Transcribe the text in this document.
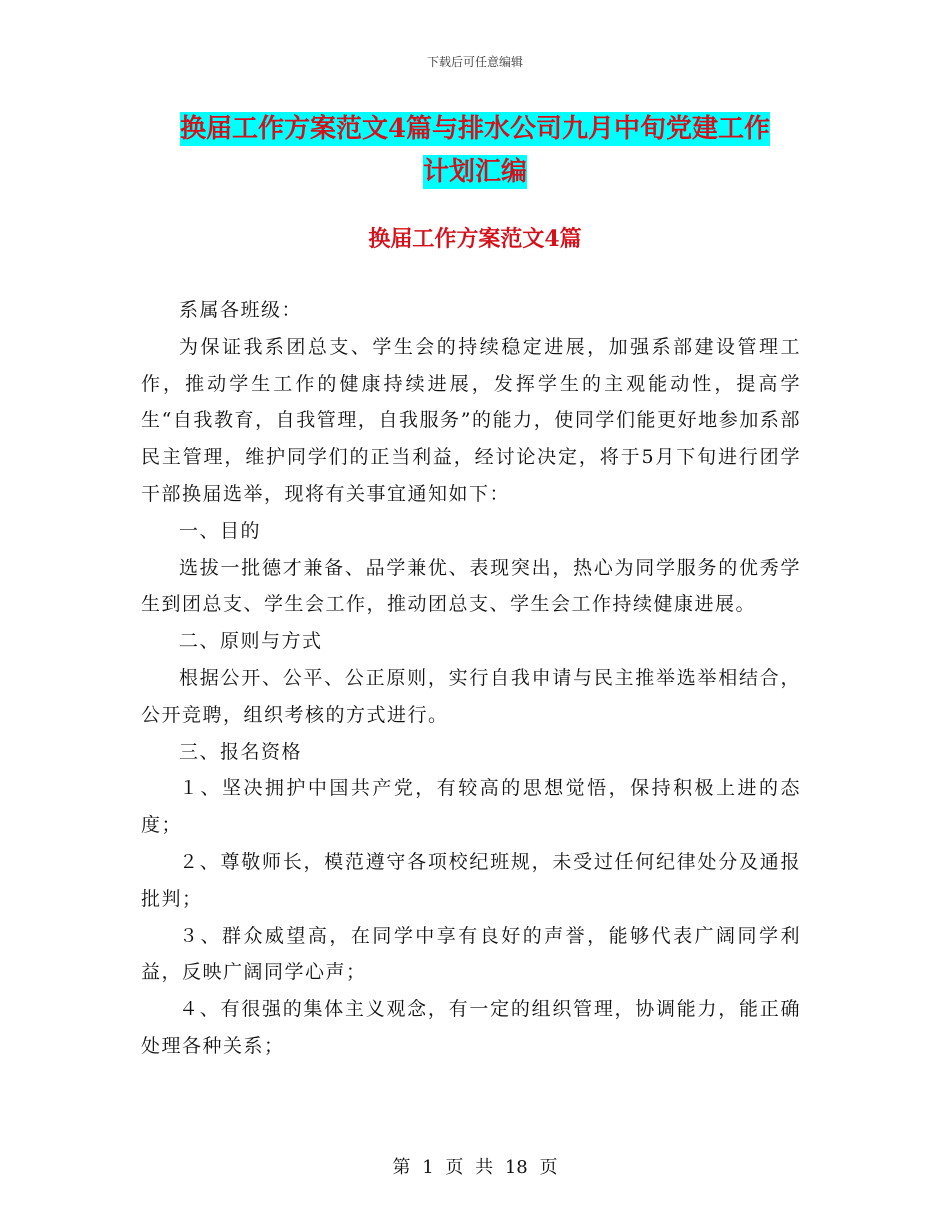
下载后可任意编辑
换届工作方案范文4篇与排水公司九月中旬党建工作
计划汇编
换届工作方案范文4篇

系属各班级：

为保证我系团总支、学生会的持续稳定进展，加强系部建设管理工作，推动学生工作的健康持续进展，发挥学生的主观能动性，提高学生“自我教育，自我管理，自我服务”的能力，使同学们能更好地参加系部民主管理，维护同学们的正当利益，经讨论决定，将于5月下旬进行团学干部换届选举，现将有关事宜通知如下：

一、目的

选拔一批德才兼备、品学兼优、表现突出，热心为同学服务的优秀学生到团总支、学生会工作，推动团总支、学生会工作持续健康进展。

二、原则与方式

根据公开、公平、公正原则，实行自我申请与民主推举选举相结合，公开竞聘，组织考核的方式进行。

三、报名资格

１、坚决拥护中国共产党，有较高的思想觉悟，保持积极上进的态度；

２、尊敬师长，模范遵守各项校纪班规，未受过任何纪律处分及通报批判；

３、群众威望高，在同学中享有良好的声誉，能够代表广阔同学利益，反映广阔同学心声；

４、有很强的集体主义观念，有一定的组织管理，协调能力，能正确处理各种关系；

第 1 页 共 18 页
